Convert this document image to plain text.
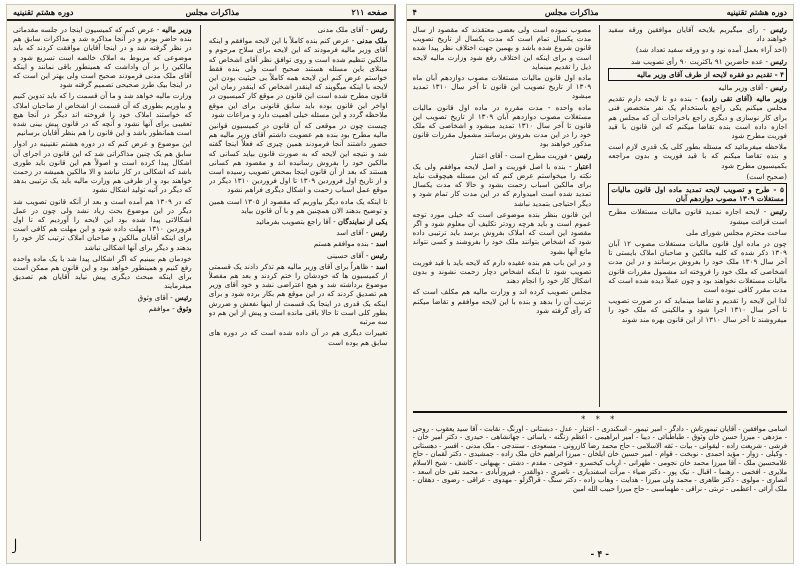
صفحه ۲۱۱
مذاکرات مجلس
دوره هشتم تقنینیه

رئیس - آقای ملک مدنی

ملک مدنی - عرض کنم بنده کاملاً با این لایحه موافقم و اینکه آقای وزیر مالیه فرمودند که این لایحه برای سلاح مرحوم و مالکین تنظیم شده است و روی توافق نظر آقای اشخاص که مبتلای باین مسئله هستند صحیح است ولی بنده فقط خواستم عرض کنم این لایحه همه کاملاً بی حیثیت بودن این لایحه با اینکه میگویند که اینقدر اشخاص که اینقدر زمان این قانون مطرح شده است این قانون در موقع کار کمیسیون در اواخر این قانون بوده باید سابق قانونی برای این موقع ملاحظه گردد و این مسئله خیلی اهمیت دارد و مراعات شود

چیست چون در موقعی که آن قانون در کمیسیون قوانین مالیه مطرح بود بنده هم عضویت داشتم آقای وزیر مالیه هم حضور داشتند آنجا فرمودند همین چیزی که فعلاً اینجا گفته شد و نتیجه این لایحه که به صورت قانون بیاید کسانی که مالکین خود را بفروش رسانیده اند و مقصود هم کسانی هستند که بعد از آن قانون اینجا بمحض تصویب رسیده است و از تاریخ اول فروردین ۱۳۰۹ تا اول فروردین ۱۳۱۰ دیگر در موقع عمل اسباب زحمت و اشکال دیگری فراهم نشود

تا اینکه یک ماده دیگر بیاوریم که مقصود از ۱۳۰۵ است همین و توضیح بدهند الان همچنین هم و با آن قانون بیاید

یکی از نمایندگان - آقا راجع بتصویب بفرمائید

رئیس - آقای اسد

اسد - بنده موافقم هستم

رئیس - آقای حسینی

اسد - ظاهراً برای آقای وزیر مالیه هم تذکر دادند یک قسمتی از کمیسیون ها که خودشان را ختم کردند و بعد هم مفصلاً موضوع برداشته شد و هیچ اعتراضی نشد و خود آقای وزیر هم تصدیق کردند که در این موقع هم بکار برده شود و برای اینکه یک قدری در اینجا یک قسمت از اینها نفعش و ضررش بطور کلی است تا حالا باقی مانده است و پیش از این هم دو سه مرتبه

تغییرات دیگری هم در آن داده شده است که در دوره های سابق هم بوده است

وزیر مالیه - عرض کنم که کمیسیون اینجا در جلسه مقدماتی بنده حاضر بودم و در آنجا مذاکره شد و مذاکرات سابق هم در نظر گرفته شد و در اینجا آقایان موافقت کردند که باید موضوعی که مربوط به املاک خالصه است تسریع شود و مالکین را بر آن واداشت که همینطور باقی نمانند و اینکه آقای ملک مدنی فرمودند صحیح است ولی بهتر این است که در اینجا بیک طرز صحیحی تصمیم گرفته شود

وزارت مالیه خواهد شد و ما آن قسمت را که باید تدوین کنیم و بیاوریم بطوری که آن قسمت از اشخاص از صاحبان املاک که خواستند املاک خود را فروخته اند دیگر در آنجا هیچ تعقیبی برای آنها نشود و آنچه که در قانون پیش بینی شده است همانطور باشد و این قانون را هم بنظر آقایان برسانیم

این موضوع و عرض کنم که در دوره هشتم تقنینیه در ادوار سابق هم یک چنین مذاکراتی شد که این قانون در اجرای آن اشکال پیدا کرده است و اصولاً هم این قانون باید طوری باشد که اشکالی در کار نباشد و الا مالکین همیشه در زحمت خواهند بود و از طرفی هم وزارت مالیه باید یک ترتیبی بدهد که دیگر در آتیه تولید اشکال نشود

که در ۱۳۰۹ هم آمده است و بعد از آنکه قانون تصویب شد دیگر در این موضوع بحث زیاد نشد ولی چون در عمل اشکالاتی پیدا شده بود این لایحه را آوردیم که تا اول فروردین ۱۳۱۰ مهلت داده شود و این مهلت هم کافی است برای اینکه آقایان مالکین و صاحبان املاک ترتیب کار خود را بدهند و دیگر برای آنها اشکالی نباشد

خودمان هم ببینیم که اگر اشکالی پیدا شد با یک ماده واحده رفع کنیم و همینطور خواهد بود و این قانون هم ممکن است برای اینکه مبحث دیگری پیش نیاید آقایان هم تصدیق میفرمایند

رئیس - آقای وثوق

وثوق - موافقم

⎭
دوره هشتم تقنینیه
مذاکرات مجلس
۴

رئیس - رأی میگیریم بلایحه آقایان موافقین ورقه سفید خواهند داد

(اخذ آراء بعمل آمده نود و دو ورقه سفید تعداد شد)

رئیس - عده حاضرین ۹۱ باکثریت ۹۰ رأی تصویب شد

۴ - تقدیم دو فقره لایحه از طرف آقای وزیر مالیه

رئیس - آقای وزیر مالیه

وزیر مالیه (آقای تقی زاده) - بنده دو تا لایحه دارم تقدیم مجلس میکنم یکی راجع باستخدام یک نفر متخصص فنی برای کار نوسازی و دیگری راجع باخراجات آن که مجلس هم اجازه داده است بنده تقاضا میکنم که این قانون با قید فوریت مطرح شود

ملاحظه میفرمائید که مسئله بطور کلی یک قدری لازم است و بنده تقاضا میکنم که با قید فوریت و بدون مراجعه بکمیسیون مطرح شود

(صحیح است)

۵ - طرح و تصویب لایحه تمدید ماده اول قانون مالیات مستغلات ۱۳۰۹ مصوب دوازدهم آبان

رئیس - لایحه اجازه تمدید قانون مالیات مستغلات مطرح است قرائت میشود

ساحت محترم مجلس شورای ملی

چون در ماده اول قانون مالیات مستغلات مصوب ۱۲ آبان ۱۳۰۹ ذکر شده که کلیه مالکین و صاحبان املاک بایستی تا آخر سال ۱۳۰۹ ملک خود را بفروش برسانند و در این مدت اشخاصی که ملک خود را فروخته اند مشمول مقررات قانون مالیات مستغلات نخواهند بود و چون عملاً دیده شده است که مدت مقرر کافی نبوده است

لذا این لایحه را تقدیم و تقاضا مینماید که در صورت تصویب تا آخر سال ۱۳۱۰ اجرا شود و مالکینی که ملک خود را میفروشند تا آخر سال ۱۳۱۰ از این قانون بهره مند شوند

مصوب نموده است ولی بعضی معتقدند که مقصود از سال مدت یکسال تمام است که مدت یکسال از تاریخ تصویب قانون شروع شده باشد و بهمین جهت اختلاف نظر پیدا شده است و برای اینکه این اختلاف رفع شود وزارت مالیه لایحه ذیل را تقدیم مینماید

ماده اول قانون مالیات مستغلات مصوب دوازدهم آبان ماه ۱۳۰۹ از تاریخ تصویب این قانون تا آخر سال ۱۳۱۰ تمدید میشود

ماده واحده - مدت مقرره در ماده اول قانون مالیات مستغلات مصوب دوازدهم آبان ۱۳۰۹ از تاریخ تصویب این قانون تا آخر سال ۱۳۱۰ تمدید میشود و اشخاصی که ملک خود را در این مدت بفروش برسانند مشمول مقررات قانون مذکور خواهند بود

رئیس - فوریت مطرح است - آقای اعتبار

اعتبار - بنده با اصل فوریت و اصل لایحه موافقم ولی یک نکته را میخواستم عرض کنم که این مسئله هیچوقت نباید برای مالکین اسباب زحمت بشود و حالا که مدت یکسال تمدید شده است امیدوارم که در این مدت کار تمام شود و دیگر احتیاجی بتمدید نباشد

این قانون بنظر بنده موضوعی است که خیلی مورد توجه عموم است و باید هرچه زودتر تکلیف آن معلوم شود و اگر مقصود این است که املاک بفروش برسد باید ترتیبی داده شود که اشخاص بتوانند ملک خود را بفروشند و کسی نتواند مانع آنها بشود

و در این باب هم بنده عقیده دارم که لایحه باید با قید فوریت تصویب شود تا اینکه اشخاص دچار زحمت نشوند و بدون اشکال کار خود را انجام دهند

مجلس تصویب کرده اند و وزارت مالیه هم مکلف است که ترتیب آن را بدهد و بنده با این لایحه موافقم و تقاضا میکنم که رأی گرفته شود

* * *
اسامی موافقین - آقایان تیمورتاش - دادگر - امیر تیمور - اسکندری - اعتبار - عدل - دبستانی - اورنگ - نقابت - آقا سید یعقوب - روحی - مژدهی - میرزا حسن خان وثوق - طباطبائی - دیبا - امیر ابراهیمی - اعظم زنگنه - یاسائی - جهانشاهی - حیدری - دکتر امیر خان - فرشی - شریعت زاده - لیقوانی - بیات - ثقه الاسلامی - حاج محمد رضا کازرونی - مسعودی - سنندجی - ملک مدنی - افسر - دهستانی - وکیلی - زوار - مؤید احمدی - نوبخت - قوام - امیر حسین خان ایلخان - میرزا ابراهیم خان ملک زاده - جمشیدی - دکتر لقمان - حاج غلامحسین ملک - آقا میرزا محمد خان نجومی - طهرانی - ارباب کیخسرو - فتوحی - مقدم - دشتی - بهبهانی - کاشف - شیخ الاسلام ملایری - افخمی - رهنما - اقبال - نیک پور - دکتر ضیاء - مرآت اسفندیاری - ناصری - ذوالقدر - فیروزآبادی - محمد تقی خان اسعد - انصاری - مولوی - دکتر طاهری - محمد ولی میرزا - هدایت - وهاب زاده - دکتر سنگ - قراگزلو - مهدوی - عراقی - رضوی - دهقان - ملک آرائی - اعظمی - تربتی - نراقی - طهماسبی - حاج میرزا حبیب الله امین
- ۴ -
